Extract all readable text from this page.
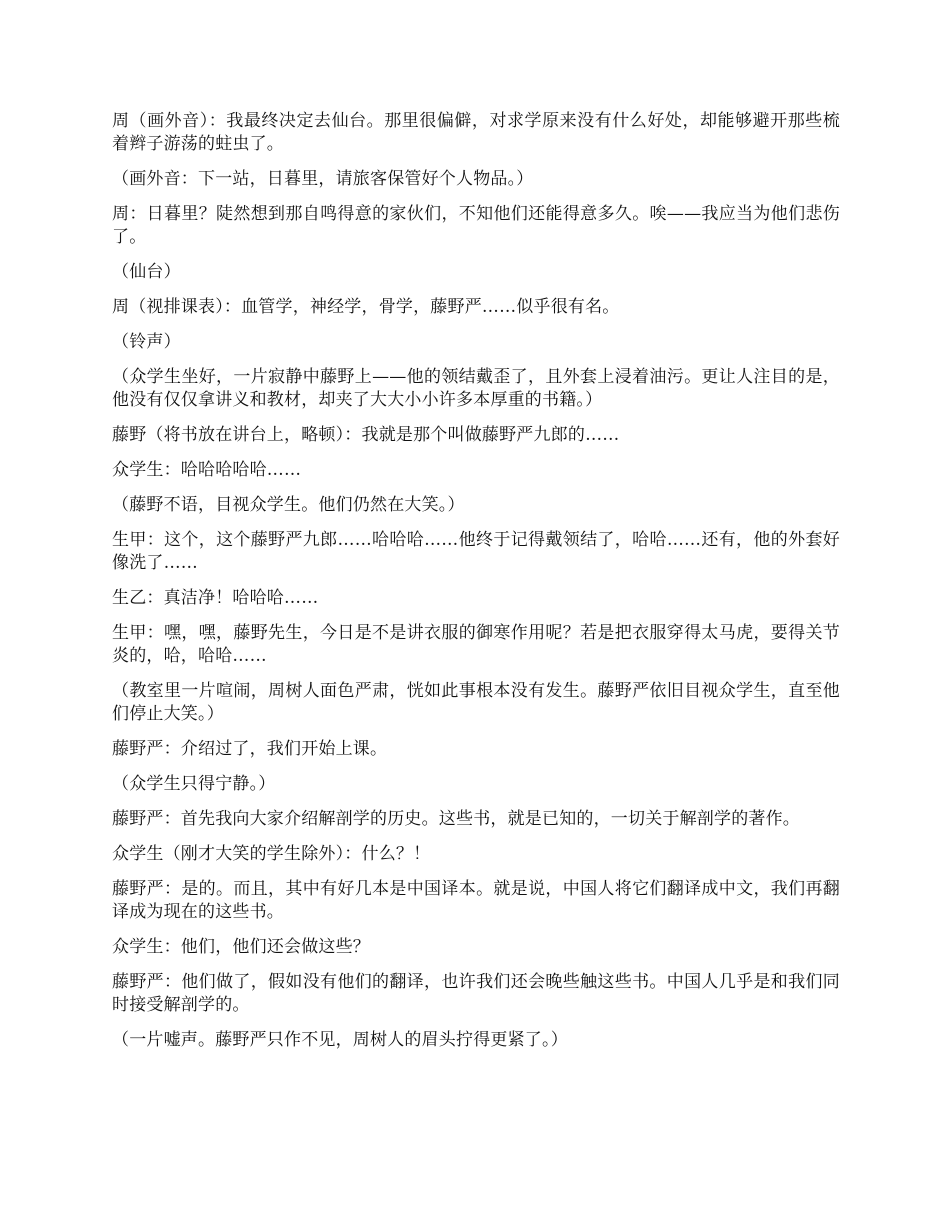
周（画外音）：我最终决定去仙台。那里很偏僻，对求学原来没有什么好处，却能够避开那些梳着辫子游荡的蛀虫了。

（画外音：下一站，日暮里，请旅客保管好个人物品。）

周：日暮里？陡然想到那自鸣得意的家伙们，不知他们还能得意多久。唉——我应当为他们悲伤了。

（仙台）

周（视排课表）：血管学，神经学，骨学，藤野严……似乎很有名。

（铃声）

（众学生坐好，一片寂静中藤野上——他的领结戴歪了，且外套上浸着油污。更让人注目的是，他没有仅仅拿讲义和教材，却夹了大大小小许多本厚重的书籍。）

藤野（将书放在讲台上，略顿）：我就是那个叫做藤野严九郎的……

众学生：哈哈哈哈哈……

（藤野不语，目视众学生。他们仍然在大笑。）

生甲：这个，这个藤野严九郎……哈哈哈……他终于记得戴领结了，哈哈……还有，他的外套好像洗了……

生乙：真洁净！哈哈哈……

生甲：嘿，嘿，藤野先生，今日是不是讲衣服的御寒作用呢？若是把衣服穿得太马虎，要得关节炎的，哈，哈哈……

（教室里一片喧闹，周树人面色严肃，恍如此事根本没有发生。藤野严依旧目视众学生，直至他们停止大笑。）

藤野严：介绍过了，我们开始上课。

（众学生只得宁静。）

藤野严：首先我向大家介绍解剖学的历史。这些书，就是已知的，一切关于解剖学的著作。

众学生（刚才大笑的学生除外）：什么？！

藤野严：是的。而且，其中有好几本是中国译本。就是说，中国人将它们翻译成中文，我们再翻译成为现在的这些书。

众学生：他们，他们还会做这些？

藤野严：他们做了，假如没有他们的翻译，也许我们还会晚些触这些书。中国人几乎是和我们同时接受解剖学的。

（一片嘘声。藤野严只作不见，周树人的眉头拧得更紧了。）
